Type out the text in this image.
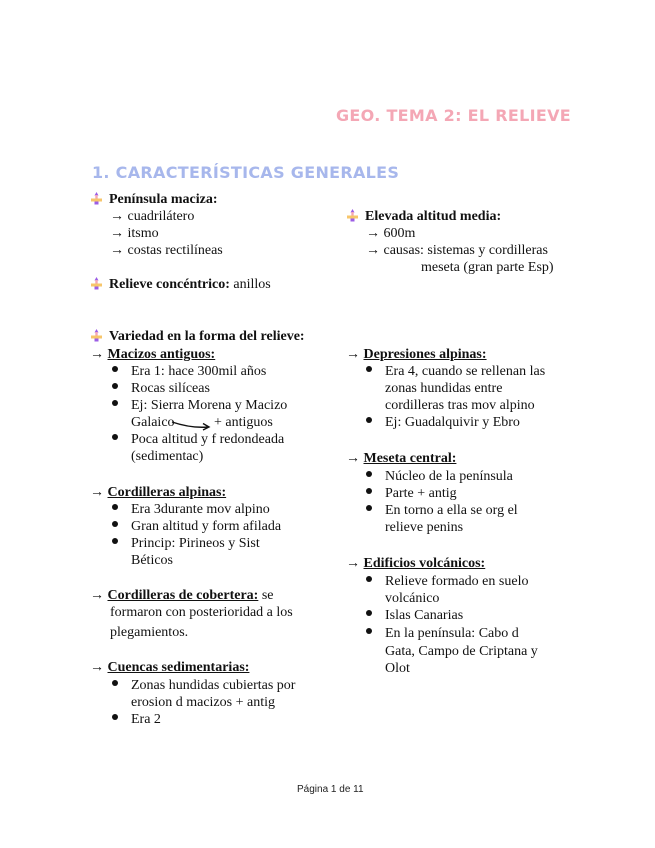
GEO. TEMA 2: EL RELIEVE
1. CARACTERÍSTICAS GENERALES
Península maciza:
→ cuadrilátero
→ itsmo
→ costas rectilíneas
Elevada altitud media:
→ 600m
→ causas: sistemas y cordilleras
meseta (gran parte Esp)
Relieve concéntrico: anillos
Variedad en la forma del relieve:
→ Macizos antiguos:
Era 1: hace 300mil años
Rocas silíceas
Ej: Sierra Morena y Macizo
Galaico	+ antiguos
Poca altitud y f redondeada
(sedimentac)
→ Cordilleras alpinas:
Era 3durante mov alpino
Gran altitud y form afilada
Princip: Pirineos y Sist
Béticos
→ Cordilleras de cobertera: se
formaron con posterioridad a los
plegamientos.
→ Cuencas sedimentarias:
Zonas hundidas cubiertas por
erosion d macizos + antig
Era 2
→ Depresiones alpinas:
Era 4, cuando se rellenan las
zonas hundidas entre
cordilleras tras mov alpino
Ej: Guadalquivir y Ebro
→ Meseta central:
Núcleo de la península
Parte + antig
En torno a ella se org el
relieve penins
→ Edificios volcánicos:
Relieve formado en suelo
volcánico
Islas Canarias
En la península: Cabo d
Gata, Campo de Criptana y
Olot
Página 1 de 11
